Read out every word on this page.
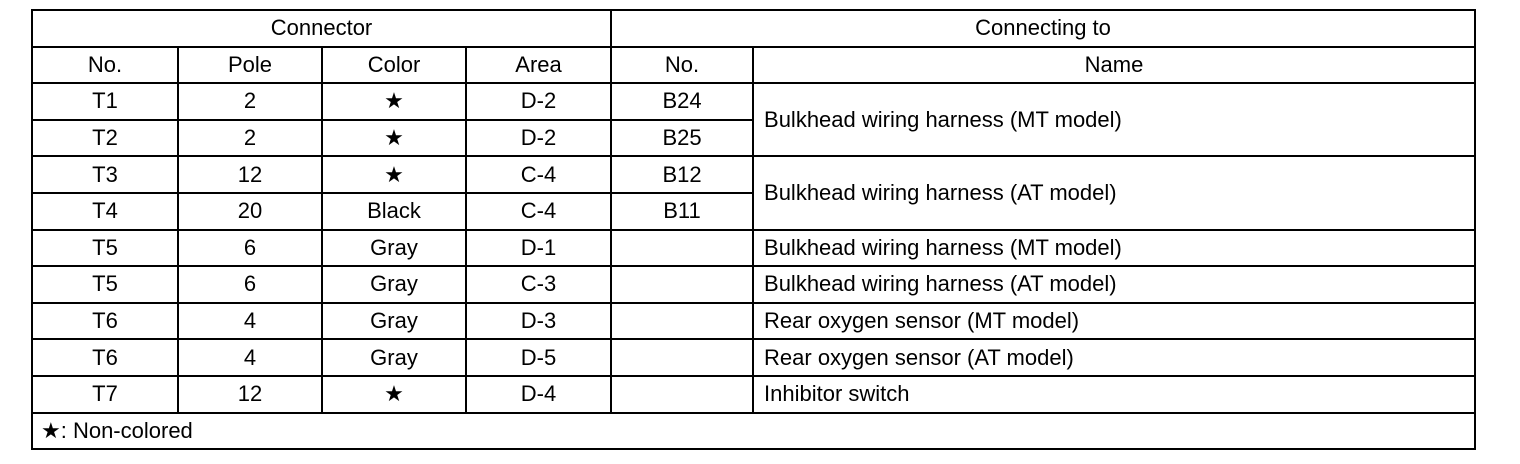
Connector				Connecting to	
No.	Pole	Color	Area	No.	Name
T1	2	★	D-2	B24	Bulkhead wiring harness (MT model)
T2	2	★	D-2	B25	
T3	12	★	C-4	B12	Bulkhead wiring harness (AT model)
T4	20	Black	C-4	B11	
T5	6	Gray	D-1		Bulkhead wiring harness (MT model)
T5	6	Gray	C-3		Bulkhead wiring harness (AT model)
T6	4	Gray	D-3		Rear oxygen sensor (MT model)
T6	4	Gray	D-5		Rear oxygen sensor (AT model)
T7	12	★	D-4		Inhibitor switch
★: Non-colored					
